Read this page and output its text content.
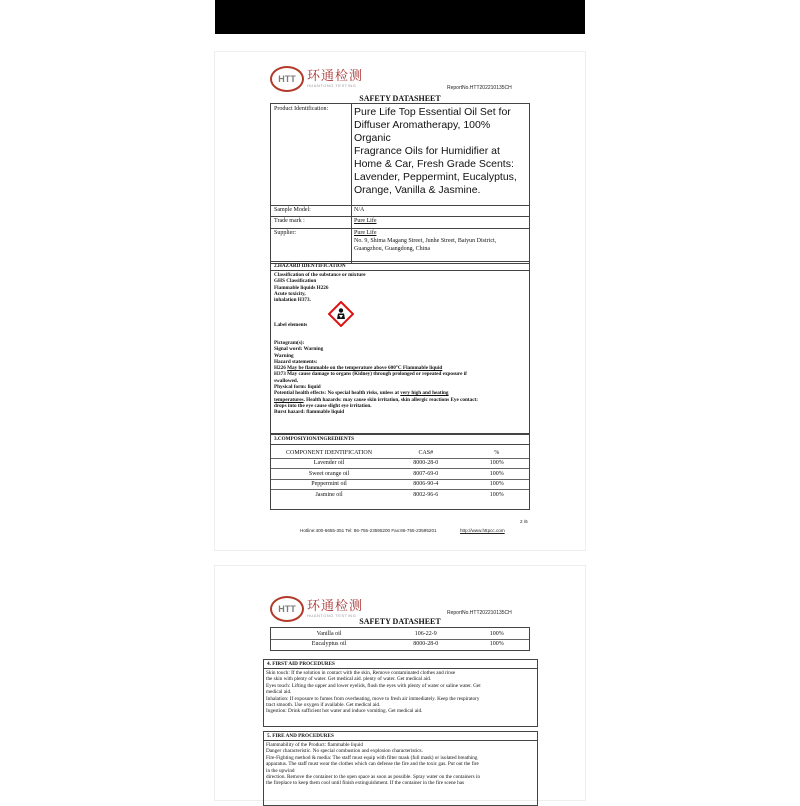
HTT 环通检测
HUANTONG TESTING	ReportNo.HTT202210135CH
SAFETY DATASHEET
Product Identification: Pure Life Top Essential Oil Set for
Diffuser Aromatherapy, 100% Organic
Fragrance Oils for Humidifier at
Home & Car, Fresh Grade Scents:
Lavender, Peppermint, Eucalyptus,
Orange, Vanilla & Jasmine.
Sample Model:	N/A
Trade mark :	Pure Life
Supplier:	Pure Life
No. 9, Shima Magang Street, Junhe Street, Baiyun District,
Guangzhou, Guangdong, China
2.HAZARD IDENTIFICATION
Classification of the substance or mixture
GHS Classification
Flammable liquids H226
Acute toxicity,
inhalation H373.
Label elements
Pictogram(s):
Signal word: Warning
Warning
Hazard statements:
H226 May be flammable on the temperature above 600°C Flammable liquid
H373 May cause damage to organs (Kidney) through prolonged or repeated exposure if
swallowed.
Physical form: liquid
Potential health effects: No special health risks, unless at very high and heating
temperatures. Health hazards: may cause skin irritation, skin allergic reactions Eye contact:
drops into the eye cause slight eye irritation.
Burst hazard: flammable liquid
3.COMPOSIYION/INGREDIENTS
COMPONENT IDENTIFICATION	CAS#	%
Lavender oil	8000-28-0	100%
Sweet orange oil	8007-69-0	100%
Peppermint oil	8006-90-4	100%
Jasmine oil	8002-96-6	100%
2 /6
Hotline:400-6655-351 Tel: 86-755-23595200 Fax:86-755-23595201	http://www.httpcc.com
HTT 环通检测
HUANTONG TESTING	ReportNo.HTT202210135CH
SAFETY DATASHEET
Vanilla oil	106-22-9	100%
Eucalyptus oil	8000-28-0	100%
4. FIRST AID PROCEDURES
Skin touch: If the solution in contact with the skin, Remove contaminated clothes and rinse
the skin with plenty of water. Get medical aid. plenty of water. Get medical aid.
Eyes touch: Lifting the upper and lower eyelids, flush the eyes with plenty of water or saline water. Get
medical aid.
Inhalation: If exposure to fumes from overheating, move to fresh air immediately. Keep the respiratory
tract smooth. Use oxygen if available. Get medical aid.
Ingestion: Drink sufficient hot water and induce vomiting. Get medical aid.
5. FIRE AND PROCEDURES
Flammability of the Product: flammable liquid
Danger characteristic. No special combustion and explosion characteristics.
Fire-Fighting method & media: The staff must equip with filter mask (full mask) or isolated breathing
apparatus. The staff must wear the clothes which can defense the fire and the toxic gas. Put out the fire
in the upwind
direction. Remove the container to the open space as soon as possible. Spray water on the containers in
the fireplace to keep them cool until finish extinguishment. If the container in the fire scene has
